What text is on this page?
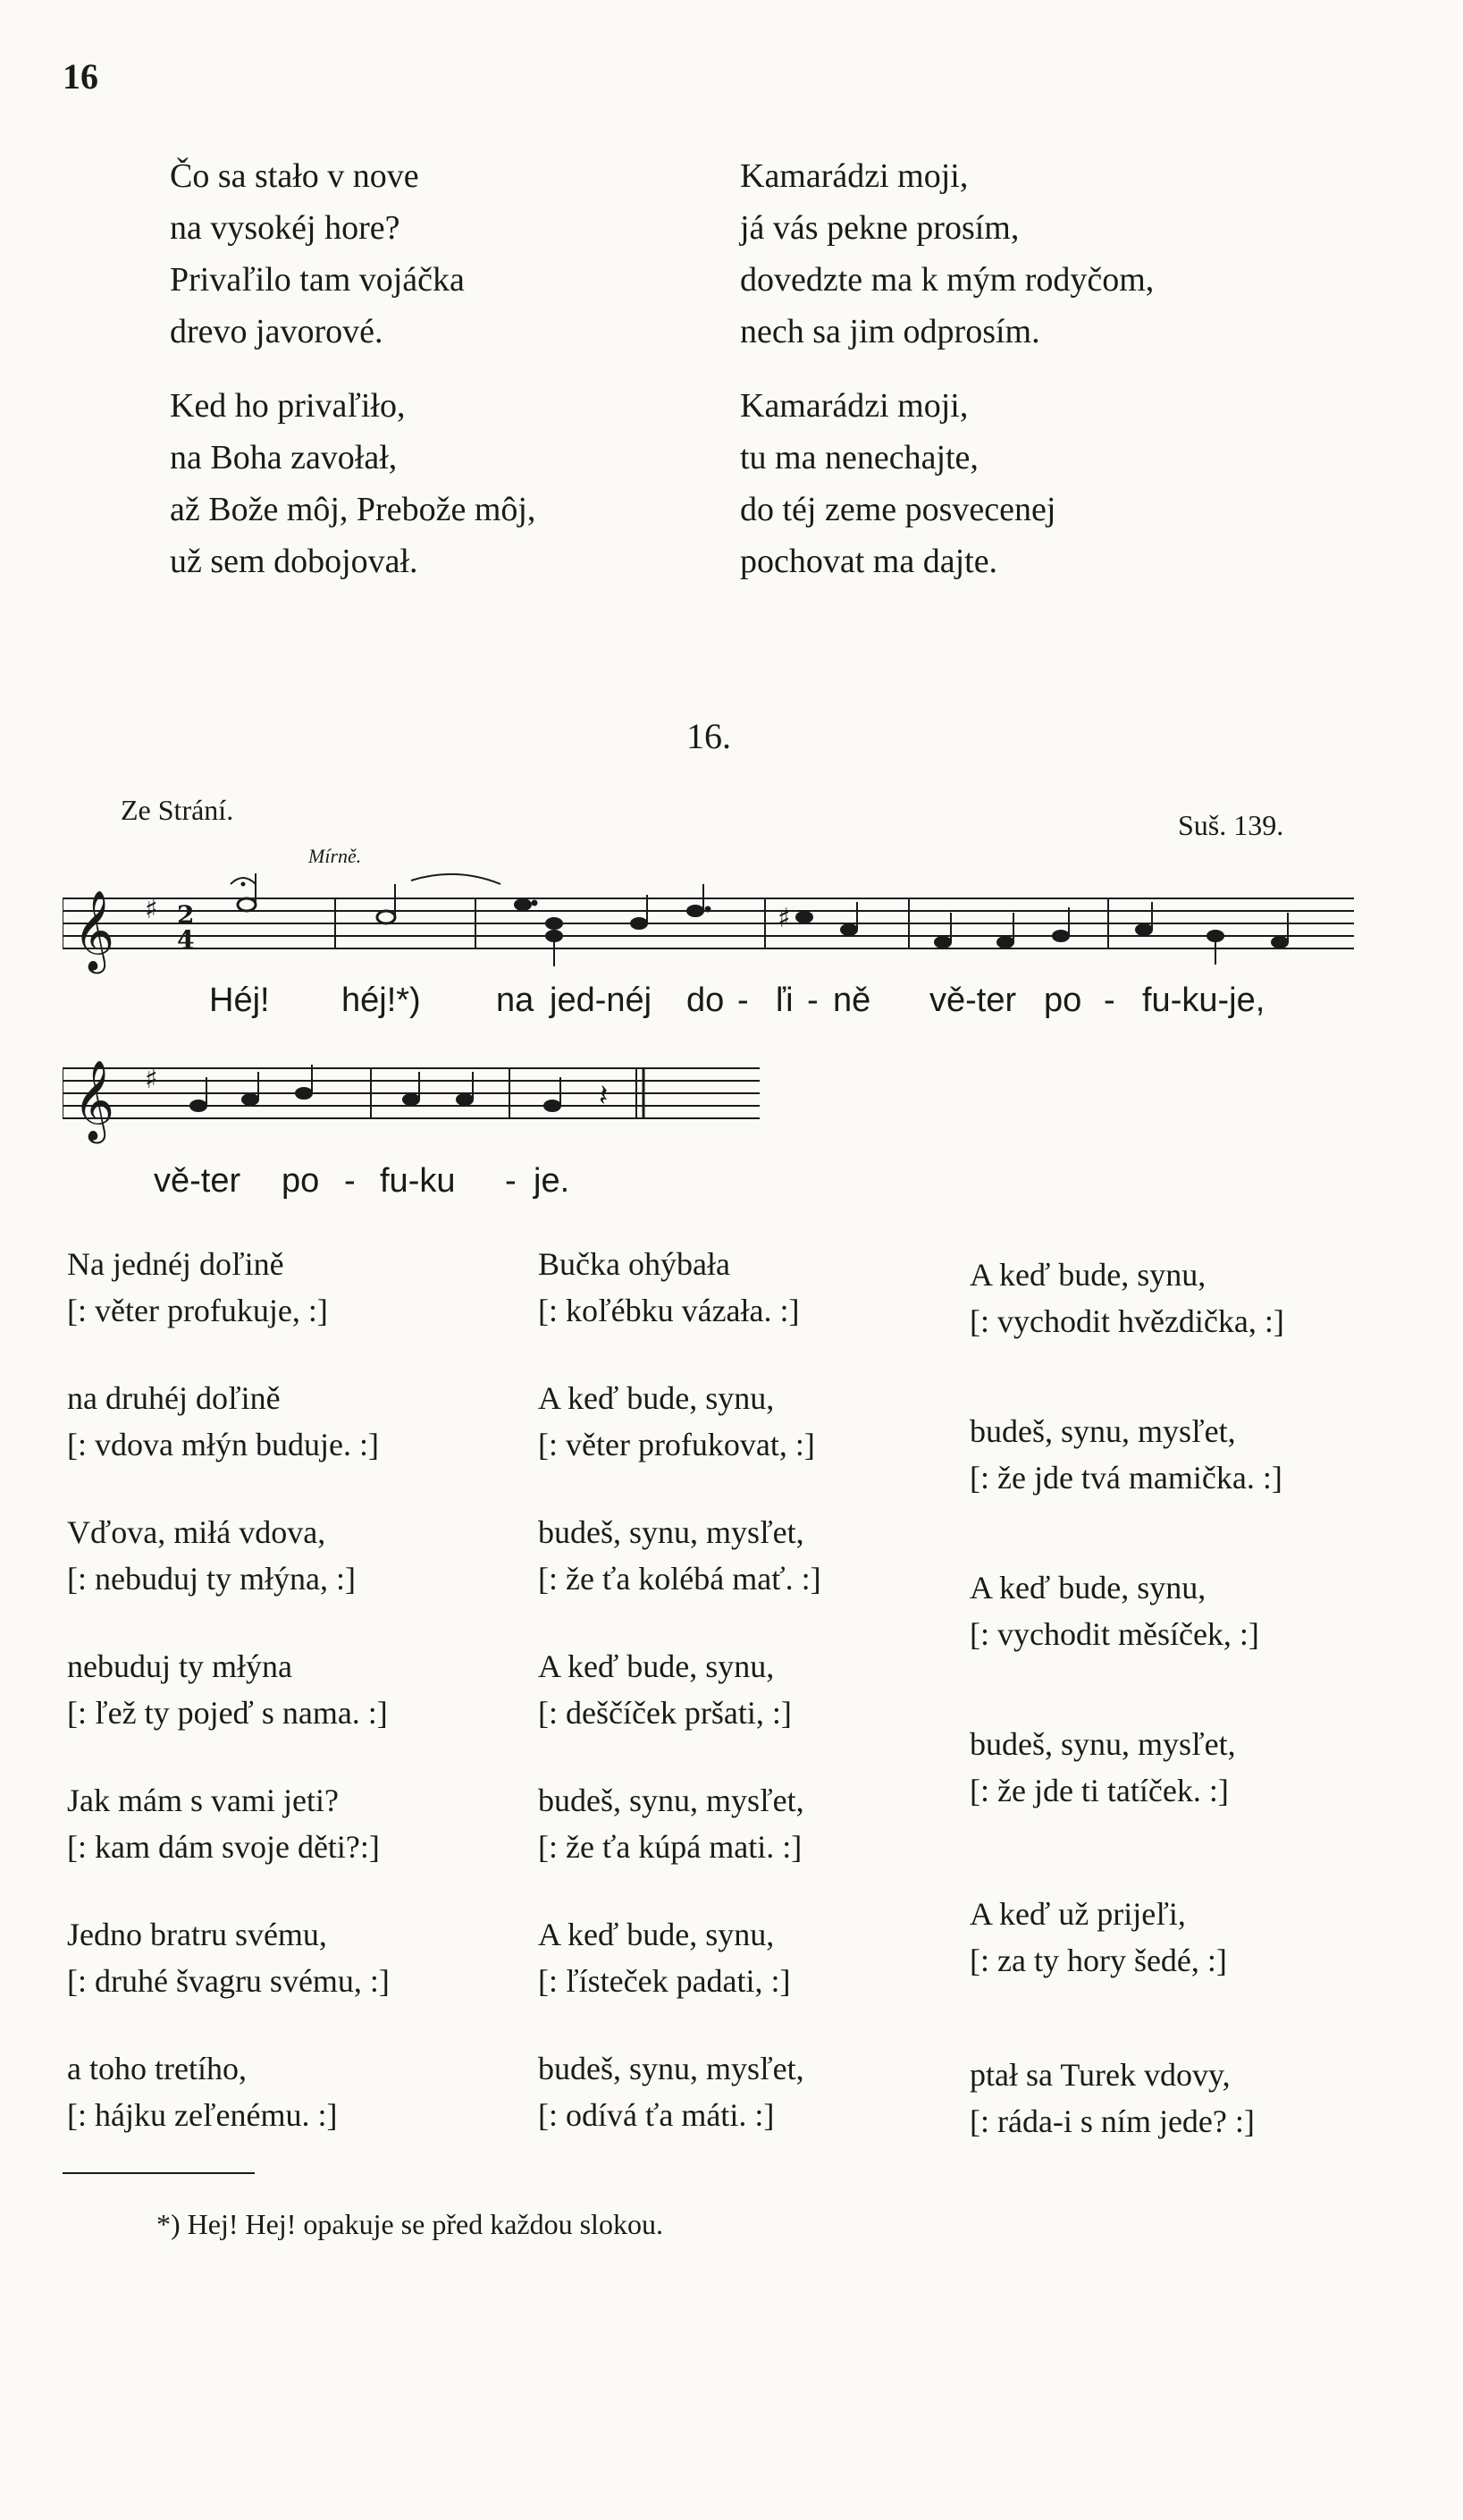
16
Čo sa stało v nove
na vysokéj hore?
Privaľilo tam vojáčka
drevo javorové.
Kamarádzi moji,
já vás pekne prosím,
dovedzte ma k mým rodyčom,
nech sa jim odprosím.
Ked ho privaľiło,
na Boha zavołał,
až Bože môj, Prebože môj,
už sem dobojovał.
Kamarádzi moji,
tu ma nenechajte,
do téj zeme posvecenej
pochovat ma dajte.
16.
Ze Strání.	Suš. 139.
Mírně.
𝄞 ♯ 2
4
♯
Héj! héj!*) na jed-néj do - ľi - ně vě-ter po - fu-ku-je,
𝄞 ♯	𝄽
vě-ter po - fu-ku - je.
Na jednéj doľině
[: věter profukuje, :]
na druhéj doľině
[: vdova młýn buduje. :]
Vďova, miłá vdova,
[: nebuduj ty młýna, :]
nebuduj ty młýna
[: ľež ty pojeď s nama. :]
Jak mám s vami jeti?
[: kam dám svoje děti?:]
Jedno bratru svému,
[: druhé švagru svému, :]
a toho tretího,
[: hájku zeľenému. :]
Bučka ohýbała
[: koľébku vázała. :]
A keď bude, synu,
[: věter profukovat, :]
budeš, synu, mysľet,
[: že ťa kolébá mať. :]
A keď bude, synu,
[: deščíček pršati, :]
budeš, synu, mysľet,
[: že ťa kúpá mati. :]
A keď bude, synu,
[: ľísteček padati, :]
budeš, synu, mysľet,
[: odívá ťa máti. :]
A keď bude, synu,
[: vychodit hvězdička, :]
budeš, synu, mysľet,
[: že jde tvá mamička. :]
A keď bude, synu,
[: vychodit měsíček, :]
budeš, synu, mysľet,
[: že jde ti tatíček. :]
A keď už prijeľi,
[: za ty hory šedé, :]
ptał sa Turek vdovy,
[: ráda-i s ním jede? :]
*) Hej! Hej! opakuje se před každou slokou.
